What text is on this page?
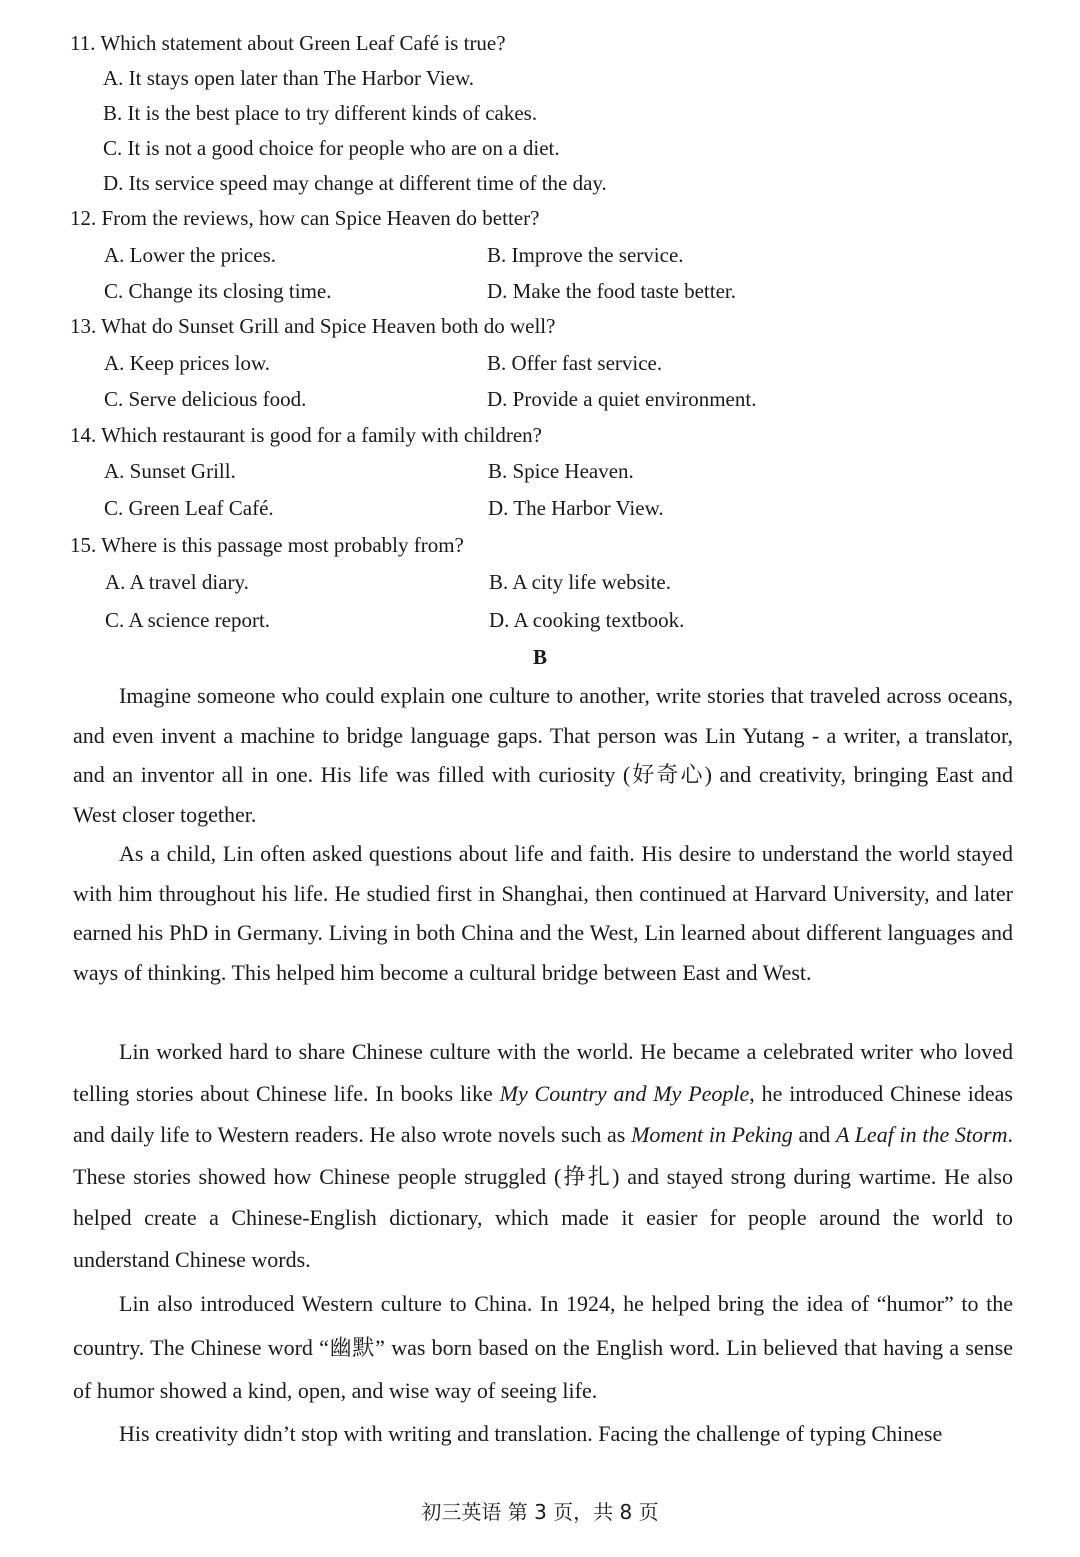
11. Which statement about Green Leaf Café is true?
A. It stays open later than The Harbor View.
B. It is the best place to try different kinds of cakes.
C. It is not a good choice for people who are on a diet.
D. Its service speed may change at different time of the day.
12. From the reviews, how can Spice Heaven do better?
A. Lower the prices.	B. Improve the service.
C. Change its closing time.	D. Make the food taste better.
13. What do Sunset Grill and Spice Heaven both do well?
A. Keep prices low.	B. Offer fast service.
C. Serve delicious food.	D. Provide a quiet environment.
14. Which restaurant is good for a family with children?
A. Sunset Grill.	B. Spice Heaven.
C. Green Leaf Café.	D. The Harbor View.
15. Where is this passage most probably from?
A. A travel diary.	B. A city life website.
C. A science report.	D. A cooking textbook.
B
Imagine someone who could explain one culture to another, write stories that traveled across oceans, and even invent a machine to bridge language gaps. That person was Lin Yutang - a writer, a translator, and an inventor all in one. His life was filled with curiosity (好奇心) and creativity, bringing East and West closer together.
As a child, Lin often asked questions about life and faith. His desire to understand the world stayed with him throughout his life. He studied first in Shanghai, then continued at Harvard University, and later earned his PhD in Germany. Living in both China and the West, Lin learned about different languages and ways of thinking. This helped him become a cultural bridge between East and West.
Lin worked hard to share Chinese culture with the world. He became a celebrated writer who loved telling stories about Chinese life. In books like My Country and My People, he introduced Chinese ideas and daily life to Western readers. He also wrote novels such as Moment in Peking and A Leaf in the Storm. These stories showed how Chinese people struggled (挣扎) and stayed strong during wartime. He also helped create a Chinese-English dictionary, which made it easier for people around the world to understand Chinese words.
Lin also introduced Western culture to China. In 1924, he helped bring the idea of “humor” to the country. The Chinese word “幽默” was born based on the English word. Lin believed that having a sense of humor showed a kind, open, and wise way of seeing life.
His creativity didn’t stop with writing and translation. Facing the challenge of typing Chinese
初三英语 第 3 页，共 8 页
